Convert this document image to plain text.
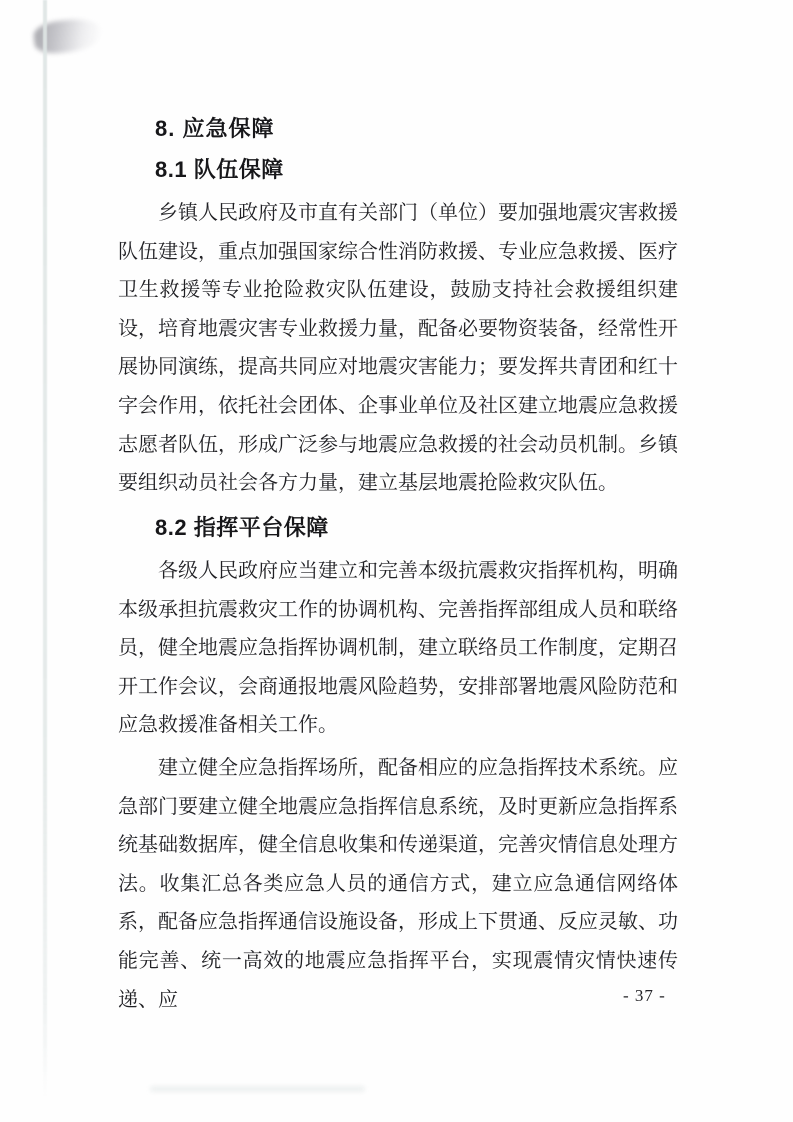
8. 应急保障
8.1 队伍保障

乡镇人民政府及市直有关部门（单位）要加强地震灾害救援队伍建设，重点加强国家综合性消防救援、专业应急救援、医疗卫生救援等专业抢险救灾队伍建设，鼓励支持社会救援组织建设，培育地震灾害专业救援力量，配备必要物资装备，经常性开展协同演练，提高共同应对地震灾害能力；要发挥共青团和红十字会作用，依托社会团体、企事业单位及社区建立地震应急救援志愿者队伍，形成广泛参与地震应急救援的社会动员机制。乡镇要组织动员社会各方力量，建立基层地震抢险救灾队伍。

8.2 指挥平台保障

各级人民政府应当建立和完善本级抗震救灾指挥机构，明确本级承担抗震救灾工作的协调机构、完善指挥部组成人员和联络员，健全地震应急指挥协调机制，建立联络员工作制度，定期召开工作会议，会商通报地震风险趋势，安排部署地震风险防范和应急救援准备相关工作。

建立健全应急指挥场所，配备相应的应急指挥技术系统。应急部门要建立健全地震应急指挥信息系统，及时更新应急指挥系统基础数据库，健全信息收集和传递渠道，完善灾情信息处理方法。收集汇总各类应急人员的通信方式，建立应急通信网络体系，配备应急指挥通信设施设备，形成上下贯通、反应灵敏、功能完善、统一高效的地震应急指挥平台，实现震情灾情快速传递、应	- 37 -
